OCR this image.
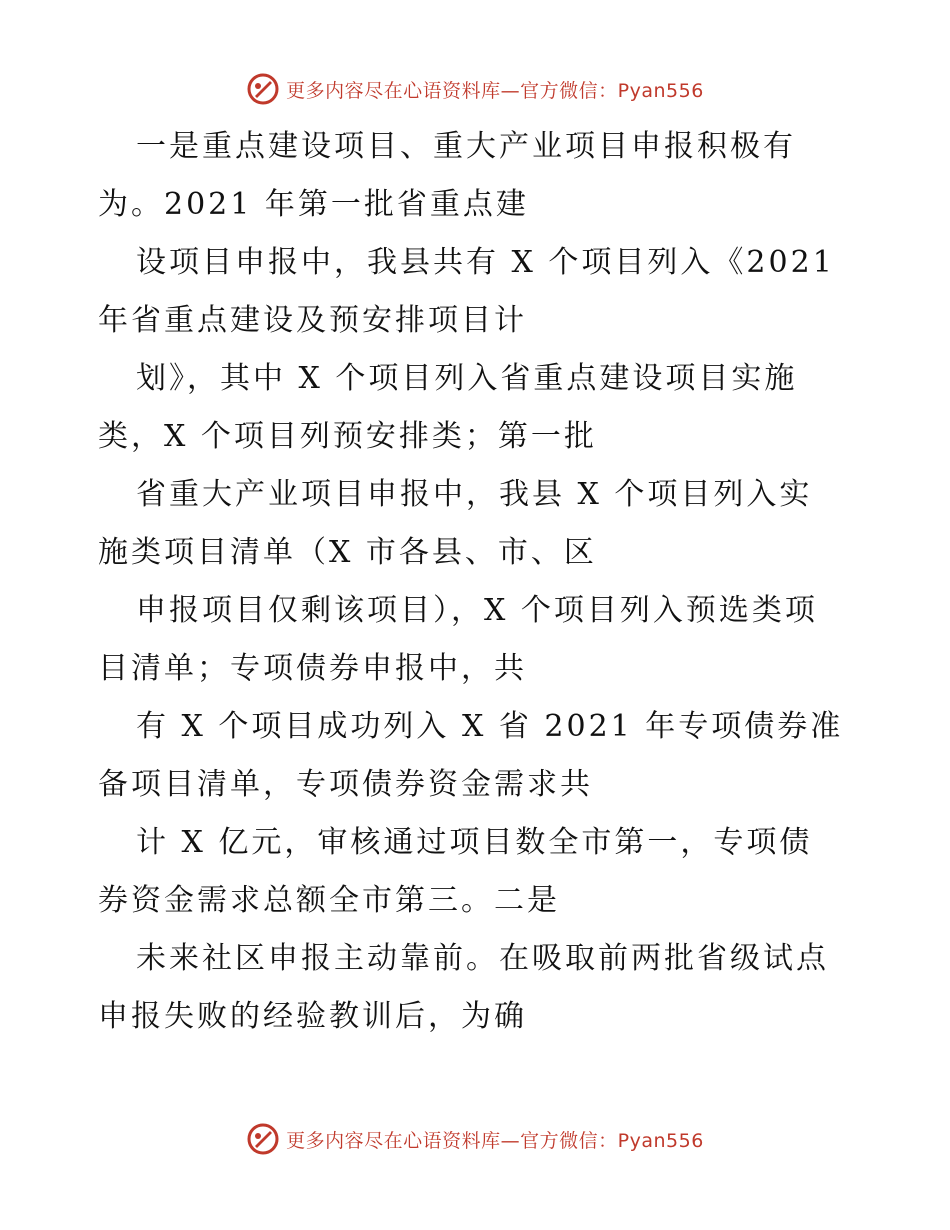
更多内容尽在心语资料库—官方微信：Pyan556

一是重点建设项目、重大产业项目申报积极有
为。2021 年第一批省重点建

设项目申报中，我县共有 X 个项目列入《2021
年省重点建设及预安排项目计

划》，其中 X 个项目列入省重点建设项目实施
类，X 个项目列预安排类；第一批

省重大产业项目申报中，我县 X 个项目列入实
施类项目清单（X 市各县、市、区

申报项目仅剩该项目），X 个项目列入预选类项
目清单；专项债券申报中，共

有 X 个项目成功列入 X 省 2021 年专项债券准
备项目清单，专项债券资金需求共

计 X 亿元，审核通过项目数全市第一，专项债
券资金需求总额全市第三。二是

未来社区申报主动靠前。在吸取前两批省级试点
申报失败的经验教训后，为确

更多内容尽在心语资料库—官方微信：Pyan556
